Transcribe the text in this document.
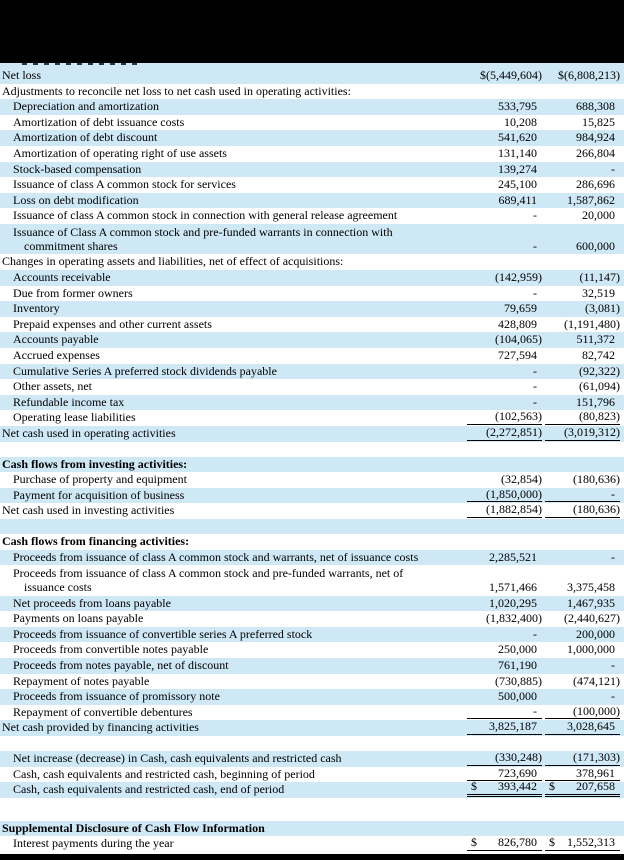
Net loss	$(5,449,604) $(6,808,213)
Adjustments to reconcile net loss to net cash used in operating activities:
Depreciation and amortization	533,795	688,308
Amortization of debt issuance costs	10,208	15,825
Amortization of debt discount	541,620	984,924
Amortization of operating right of use assets	131,140	266,804
Stock-based compensation	139,274	-
Issuance of class A common stock for services	245,100	286,696
Loss on debt modification	689,411	1,587,862
Issuance of class A common stock in connection with general release agreement	-	20,000
Issuance of Class A common stock and pre-funded warrants in connection with
commitment shares	-	600,000
Changes in operating assets and liabilities, net of effect of acquisitions:
Accounts receivable	(142,959)	(11,147)
Due from former owners	-	32,519
Inventory	79,659	(3,081)
Prepaid expenses and other current assets	428,809	(1,191,480)
Accounts payable	(104,065)	511,372
Accrued expenses	727,594	82,742
Cumulative Series A preferred stock dividends payable	-	(92,322)
Other assets, net	-	(61,094)
Refundable income tax	-	151,796
Operating lease liabilities	(102,563)	(80,823)
Net cash used in operating activities	(2,272,851) (3,019,312)
Cash flows from investing activities:
Purchase of property and equipment	(32,854)	(180,636)
Payment for acquisition of business	(1,850,000)	-
Net cash used in investing activities	(1,882,854)	(180,636)
Cash flows from financing activities:
Proceeds from issuance of class A common stock and warrants, net of issuance costs	2,285,521	-
Proceeds from issuance of class A common stock and pre-funded warrants, net of
issuance costs	1,571,466	3,375,458
Net proceeds from loans payable	1,020,295	1,467,935
Payments on loans payable	(1,832,400) (2,440,627)
Proceeds from issuance of convertible series A preferred stock	-	200,000
Proceeds from convertible notes payable	250,000	1,000,000
Proceeds from notes payable, net of discount	761,190	-
Repayment of notes payable	(730,885)	(474,121)
Proceeds from issuance of promissory note	500,000	-
Repayment of convertible debentures	-	(100,000)
Net cash provided by financing activities	3,825,187	3,028,645
Net increase (decrease) in Cash, cash equivalents and restricted cash	(330,248)	(171,303)
Cash, cash equivalents and restricted cash, beginning of period	723,690	378,961
Cash, cash equivalents and restricted cash, end of period	$ 393,442	$ 207,658
Supplemental Disclosure of Cash Flow Information
Interest payments during the year	$ 826,780	$ 1,552,313
